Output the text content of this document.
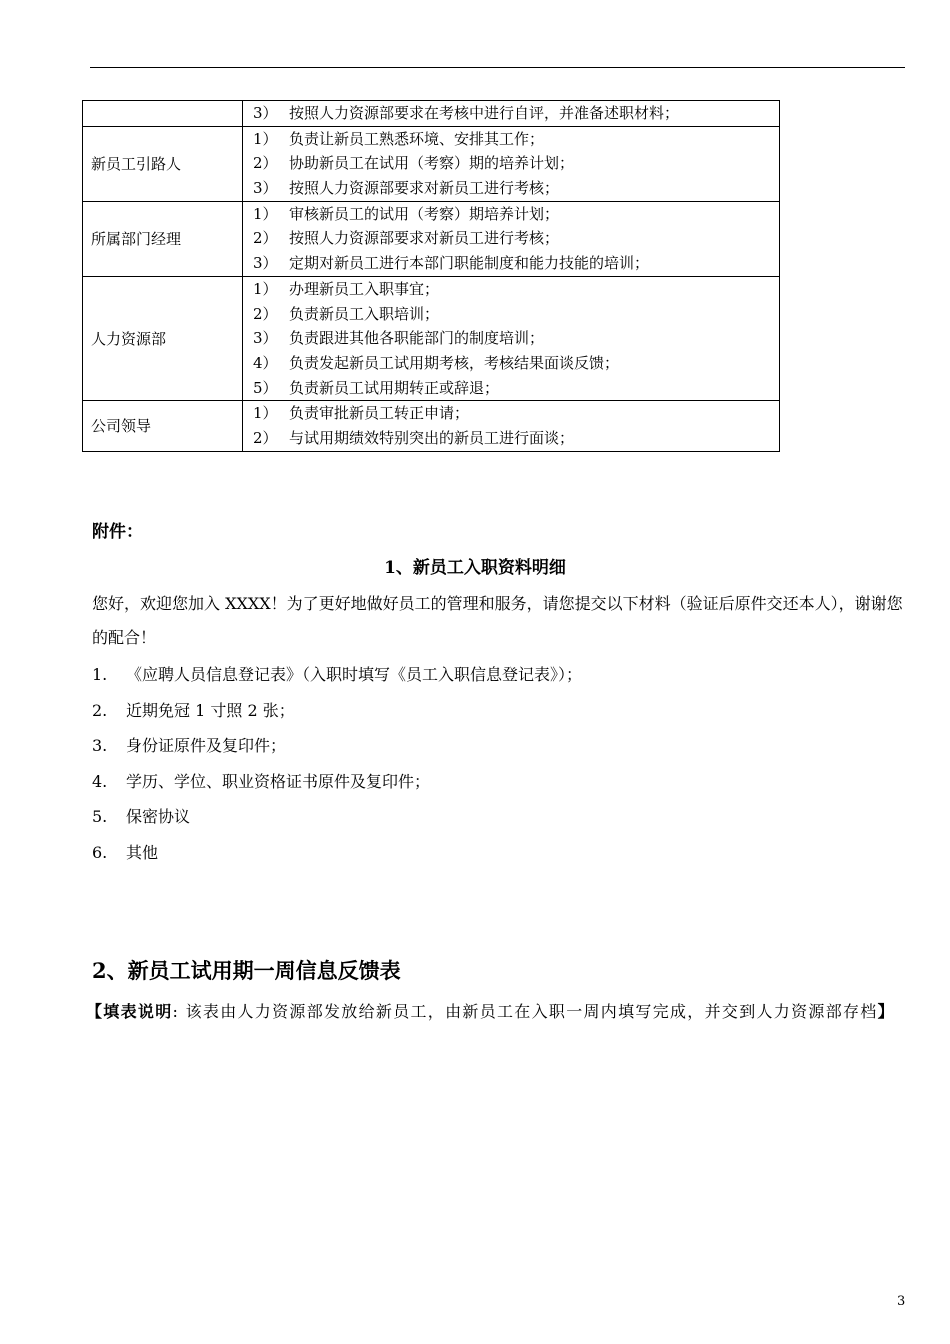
	3） 按照人力资源部要求在考核中进行自评，并准备述职材料；

新员工引路人	1） 负责让新员工熟悉环境、安排其工作；
2） 协助新员工在试用（考察）期的培养计划；
3） 按照人力资源部要求对新员工进行考核；

所属部门经理	1） 审核新员工的试用（考察）期培养计划；
2） 按照人力资源部要求对新员工进行考核；
3） 定期对新员工进行本部门职能制度和能力技能的培训；

人力资源部	1） 办理新员工入职事宜；
2） 负责新员工入职培训；
3） 负责跟进其他各职能部门的制度培训；
4） 负责发起新员工试用期考核，考核结果面谈反馈；
5） 负责新员工试用期转正或辞退；

公司领导	1） 负责审批新员工转正申请；
2） 与试用期绩效特别突出的新员工进行面谈；
附件：
1、新员工入职资料明细
您好，欢迎您加入 XXXX！为了更好地做好员工的管理和服务，请您提交以下材料（验证后原件交还本人），谢谢您的配合！
1. 《应聘人员信息登记表》（入职时填写《员工入职信息登记表》）；
2. 近期免冠 1 寸照 2 张；
3. 身份证原件及复印件；
4. 学历、学位、职业资格证书原件及复印件；
5. 保密协议
6. 其他
2、新员工试用期一周信息反馈表
【填表说明: 该表由人力资源部发放给新员工，由新员工在入职一周内填写完成，并交到人力资源部存档】
3
